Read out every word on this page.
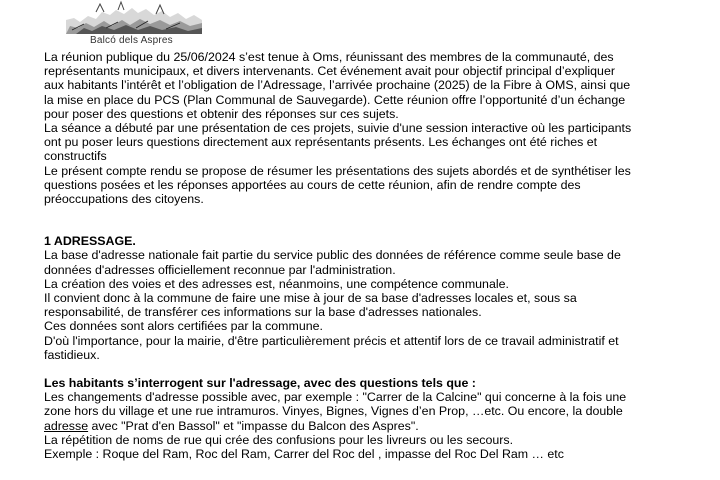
Balcó dels Aspres

La réunion publique du 25/06/2024 s’est tenue à Oms, réunissant des membres de la communauté, des

représentants municipaux, et divers intervenants. Cet événement avait pour objectif principal d’expliquer

aux habitants l’intérêt et l’obligation de l’Adressage, l’arrivée prochaine (2025) de la Fibre à OMS, ainsi que

la mise en place du PCS (Plan Communal de Sauvegarde). Cette réunion offre l’opportunité d’un échange

pour poser des questions et obtenir des réponses sur ces sujets.

La séance a débuté par une présentation de ces projets, suivie d'une session interactive où les participants

ont pu poser leurs questions directement aux représentants présents. Les échanges ont été riches et

constructifs

Le présent compte rendu se propose de résumer les présentations des sujets abordés et de synthétiser les

questions posées et les réponses apportées au cours de cette réunion, afin de rendre compte des

préoccupations des citoyens.

1 ADRESSAGE.

La base d'adresse nationale fait partie du service public des données de référence comme seule base de

données d'adresses officiellement reconnue par l'administration.

La création des voies et des adresses est, néanmoins, une compétence communale.

Il convient donc à la commune de faire une mise à jour de sa base d'adresses locales et, sous sa

responsabilité, de transférer ces informations sur la base d'adresses nationales.

Ces données sont alors certifiées par la commune.

D'où l'importance, pour la mairie, d'être particulièrement précis et attentif lors de ce travail administratif et

fastidieux.

Les habitants s’interrogent sur l'adressage, avec des questions tels que :

Les changements d'adresse possible avec, par exemple : "Carrer de la Calcine" qui concerne à la fois une

zone hors du village et une rue intramuros. Vinyes, Bignes, Vignes d’en Prop, …etc. Ou encore, la double

adresse avec "Prat d'en Bassol" et "impasse du Balcon des Aspres".

La répétition de noms de rue qui crée des confusions pour les livreurs ou les secours.

Exemple : Roque del Ram, Roc del Ram, Carrer del Roc del , impasse del Roc Del Ram … etc
